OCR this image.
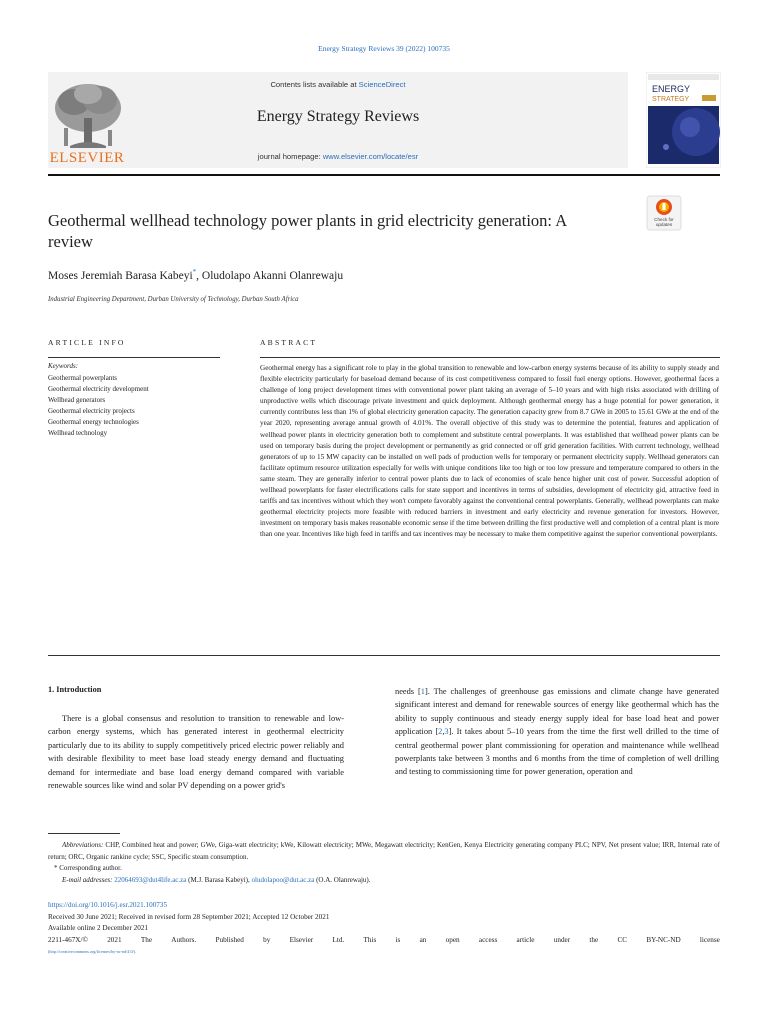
Energy Strategy Reviews 39 (2022) 100735
ELSEVIER
Contents lists available at ScienceDirect
Energy Strategy Reviews
journal homepage: www.elsevier.com/locate/esr
ENERGY
STRATEGY
Geothermal wellhead technology power plants in grid electricity generation: A review
Check for
updates
Moses Jeremiah Barasa Kabeyi*, Oludolapo Akanni Olanrewaju
Industrial Engineering Department, Durban University of Technology, Durban South Africa
ARTICLE INFO	ABSTRACT
Keywords:
Geothermal powerplants
Geothermal electricity development
Wellhead generators
Geothermal electricity projects
Geothermal energy technologies
Wellhead technology
Geothermal energy has a significant role to play in the global transition to renewable and low-carbon energy systems because of its ability to supply steady and flexible electricity particularly for baseload demand because of its cost competitiveness compared to fossil fuel energy options. However, geothermal faces a challenge of long project development times with conventional power plant taking an average of 5–10 years and with high risks associated with drilling of unproductive wells which discourage private investment and quick deployment. Although geothermal energy has a huge potential for power generation, it currently contributes less than 1% of global electricity generation capacity. The generation capacity grew from 8.7 GWe in 2005 to 15.61 GWe at the end of the year 2020, representing average annual growth of 4.01%. The overall objective of this study was to determine the potential, features and application of wellhead power plants in electricity generation both to complement and substitute central powerplants. It was established that wellhead power plants can be used on temporary basis during the project development or permanently as grid connected or off grid generation facilities. With current technology, wellhead generators of up to 15 MW capacity can be installed on well pads of production wells for temporary or permanent electricity supply. Wellhead generators can facilitate optimum resource utilization especially for wells with unique conditions like too high or too low pressure and temperature compared to others in the same steam. They are generally inferior to central power plants due to lack of economies of scale hence higher unit cost of power. Successful adoption of wellhead powerplants for faster electrifications calls for state support and incentives in terms of subsidies, development of electricity gid, attractive feed in tariffs and tax incentives without which they won't compete favorably against the conventional central powerplants. Generally, wellhead powerplants can make geothermal electricity projects more feasible with reduced barriers in investment and early electricity and revenue generation for investors. However, investment on temporary basis makes reasonable economic sense if the time between drilling the first productive well and completion of a central plant is more than one year. Incentives like high feed in tariffs and tax incentives may be necessary to make them competitive against the superior conventional powerplants.
1. Introduction
There is a global consensus and resolution to transition to renewable and low-carbon energy systems, which has generated interest in geothermal electricity particularly due to its ability to supply competitively priced electric power reliably and with desirable flexibility to meet base load steady energy demand and fluctuating demand for intermediate and base load energy demand compared with variable renewable sources like wind and solar PV depending on a power grid's
needs [1]. The challenges of greenhouse gas emissions and climate change have generated significant interest and demand for renewable sources of energy like geothermal which has the ability to supply continuous and steady energy supply ideal for base load heat and power application [2,3]. It takes about 5–10 years from the time the first well drilled to the time of central geothermal power plant commissioning for operation and maintenance while wellhead powerplants take between 3 months and 6 months from the time of completion of well drilling and testing to commissioning time for power generation, operation and
Abbreviations: CHP, Combined heat and power; GWe, Giga-watt electricity; kWe, Kilowatt electricity; MWe, Megawatt electricity; KenGen, Kenya Electricity generating company PLC; NPV, Net present value; IRR, Internal rate of return; ORC, Organic rankine cycle; SSC, Specific steam consumption.
* Corresponding author.
E-mail addresses: 22064693@dut4life.ac.za (M.J. Barasa Kabeyi), oludolapoo@dut.ac.za (O.A. Olanrewaju).
https://doi.org/10.1016/j.esr.2021.100735
Received 30 June 2021; Received in revised form 28 September 2021; Accepted 12 October 2021
Available online 2 December 2021
2211-467X/©	2021	The	Authors.	Published	by	Elsevier	Ltd.	This	is	an	open	access	article	under	the	CC	BY-NC-ND	license
(http://creativecommons.org/licenses/by-nc-nd/4.0/).
